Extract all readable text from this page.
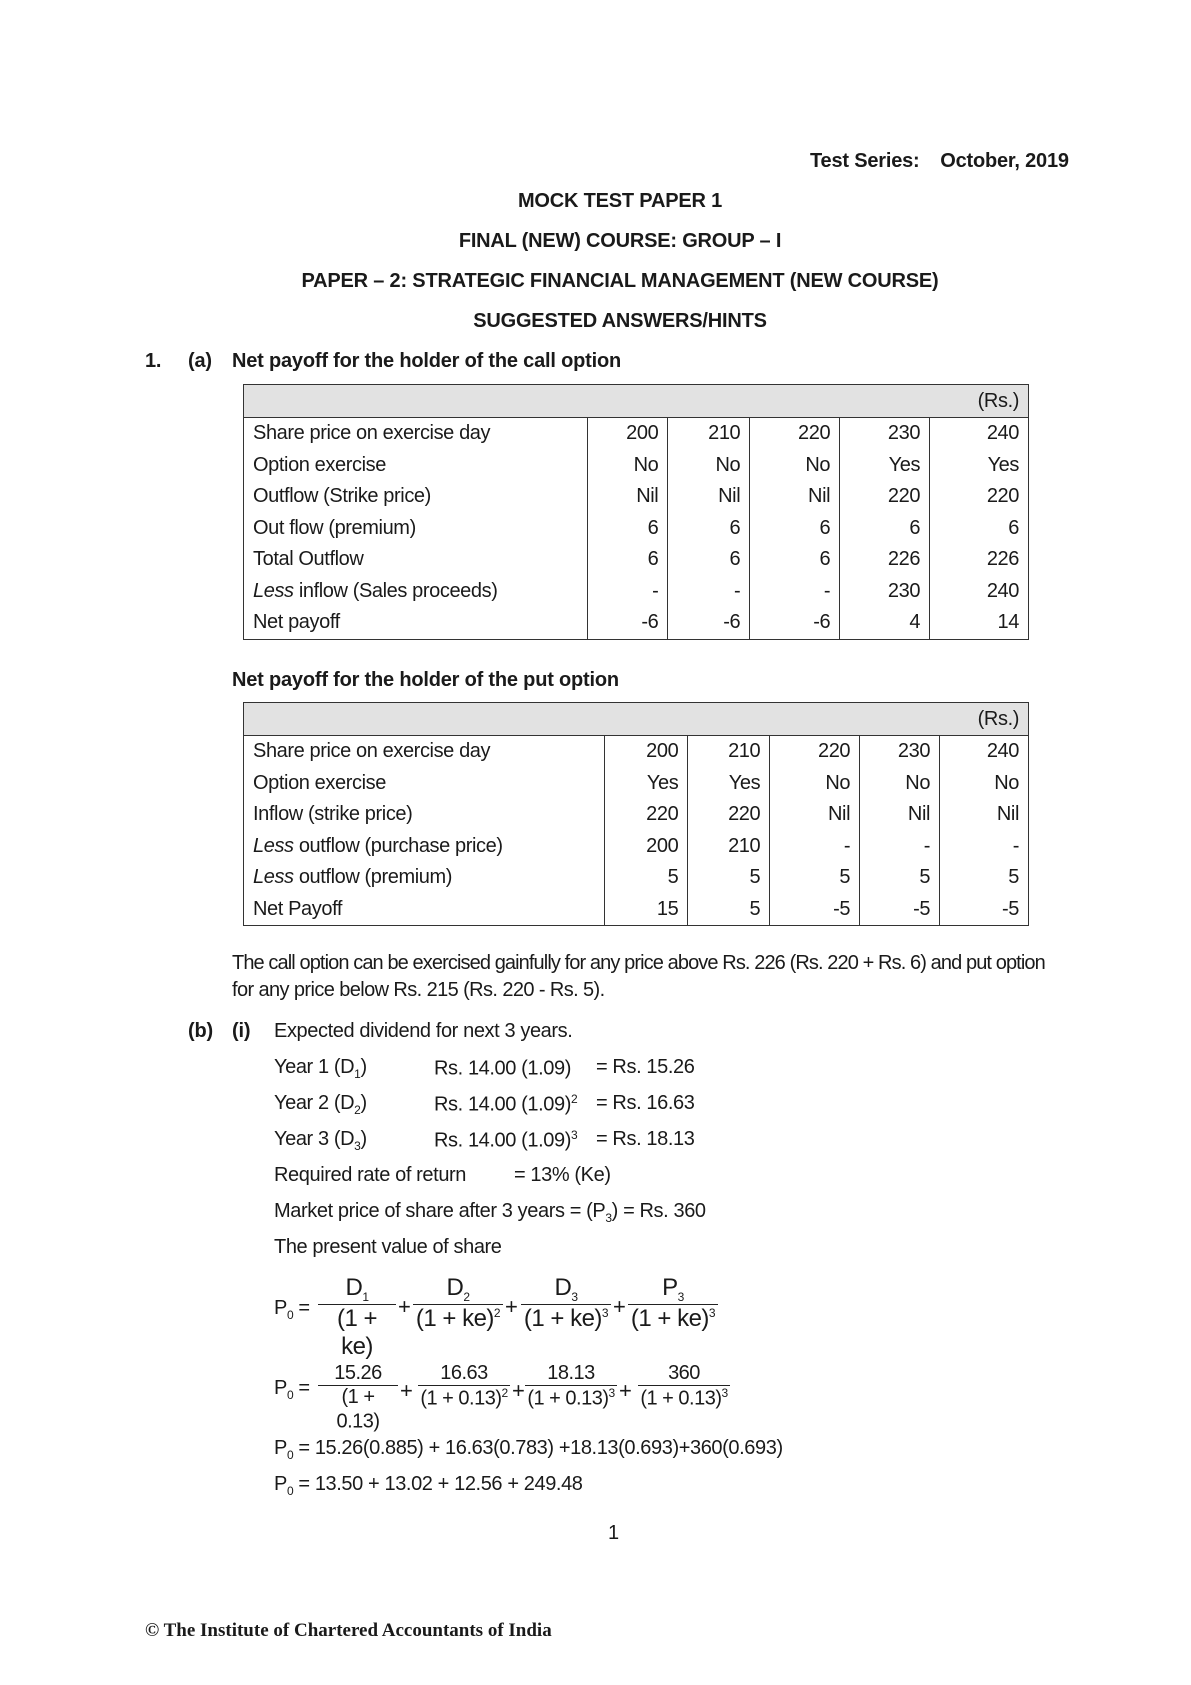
Test Series: October, 2019
MOCK TEST PAPER 1
FINAL (NEW) COURSE: GROUP – I
PAPER – 2: STRATEGIC FINANCIAL MANAGEMENT (NEW COURSE)
SUGGESTED ANSWERS/HINTS
1. (a) Net payoff for the holder of the call option
(Rs.)					
Share price on exercise day	200	210	220	230	240
Option exercise	No	No	No	Yes	Yes
Outflow (Strike price)	Nil	Nil	Nil	220	220
Out flow (premium)	6	6	6	6	6
Total Outflow	6	6	6	226	226
Less inflow (Sales proceeds)	-	-	-	230	240
Net payoff	-6	-6	-6	4	14
Net payoff for the holder of the put option
(Rs.)					
Share price on exercise day	200	210	220	230	240
Option exercise	Yes	Yes	No	No	No
Inflow (strike price)	220	220	Nil	Nil	Nil
Less outflow (purchase price)	200	210	-	-	-
Less outflow (premium)	5	5	5	5	5
Net Payoff	15	5	-5	-5	-5
The call option can be exercised gainfully for any price above Rs. 226 (Rs. 220 + Rs. 6) and put option
for any price below Rs. 215 (Rs. 220 - Rs. 5).
(b) (i) Expected dividend for next 3 years.
Year 1 $(D_1)$	Rs. 14.00 (1.09) = Rs. 15.26
Year 2 $(D_2)$	Rs. 14.00 $(1.09)^2 = Rs$. 16.63
Year 3 $(D_3)$	Rs. 14.00 $(1.09)^3 = Rs$. 18.13
Required rate of return = 13% (Ke)
Market price of share after 3 years = $(P_3) = Rs$. 360
The present value of share
$P_0$ =
$D_1$
(1 + ke)
+
$D_2$
(1 + ke)$^2$ +
$D_3$
(1 + ke)$^3$ +
$P_3$
(1 + ke)$^3$
$P_0$ =
15.26
(1 + 0.13)
+
16.63
$(1 + 0.13)^2$ +
18.13
$(1 + 0.13)^3$ +
360
$(1 + 0.13)^3$
$P_0 = 15.26(0.885) + 16.63(0.783) +18.13(0.693)+360(0.693)$
$P_0 = 13.50 + 13.02 + 12.56 + 249.48$
1
© The Institute of Chartered Accountants of India
